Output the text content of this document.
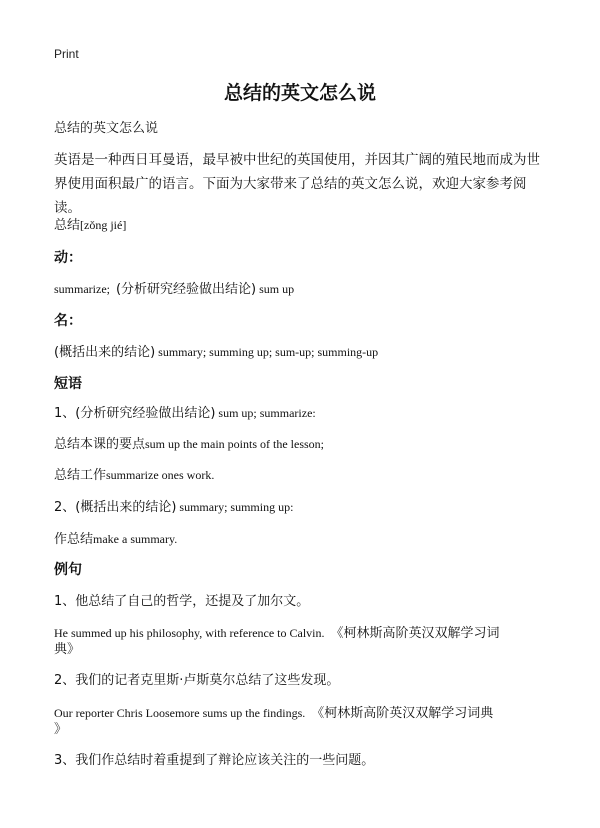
Print
总结的英文怎么说
总结的英文怎么说
英语是一种西日耳曼语，最早被中世纪的英国使用，并因其广阔的殖民地而成为世界使用面积最广的语言。下面为大家带来了总结的英文怎么说，欢迎大家参考阅读。
总结[zǒng jié]
动：
summarize; (分析研究经验做出结论) sum up
名：
(概括出来的结论) summary; summing up; sum-up; summing-up
短语
1、(分析研究经验做出结论) sum up; summarize:
总结本课的要点sum up the main points of the lesson;
总结工作summarize ones work.
2、(概括出来的结论) summary; summing up:
作总结make a summary.
例句
1、他总结了自己的哲学，还提及了加尔文。
He summed up his philosophy, with reference to Calvin. 《柯林斯高阶英汉双解学习词
典》
2、我们的记者克里斯·卢斯莫尔总结了这些发现。
Our reporter Chris Loosemore sums up the findings. 《柯林斯高阶英汉双解学习词典
》
3、我们作总结时着重提到了辩论应该关注的一些问题。
